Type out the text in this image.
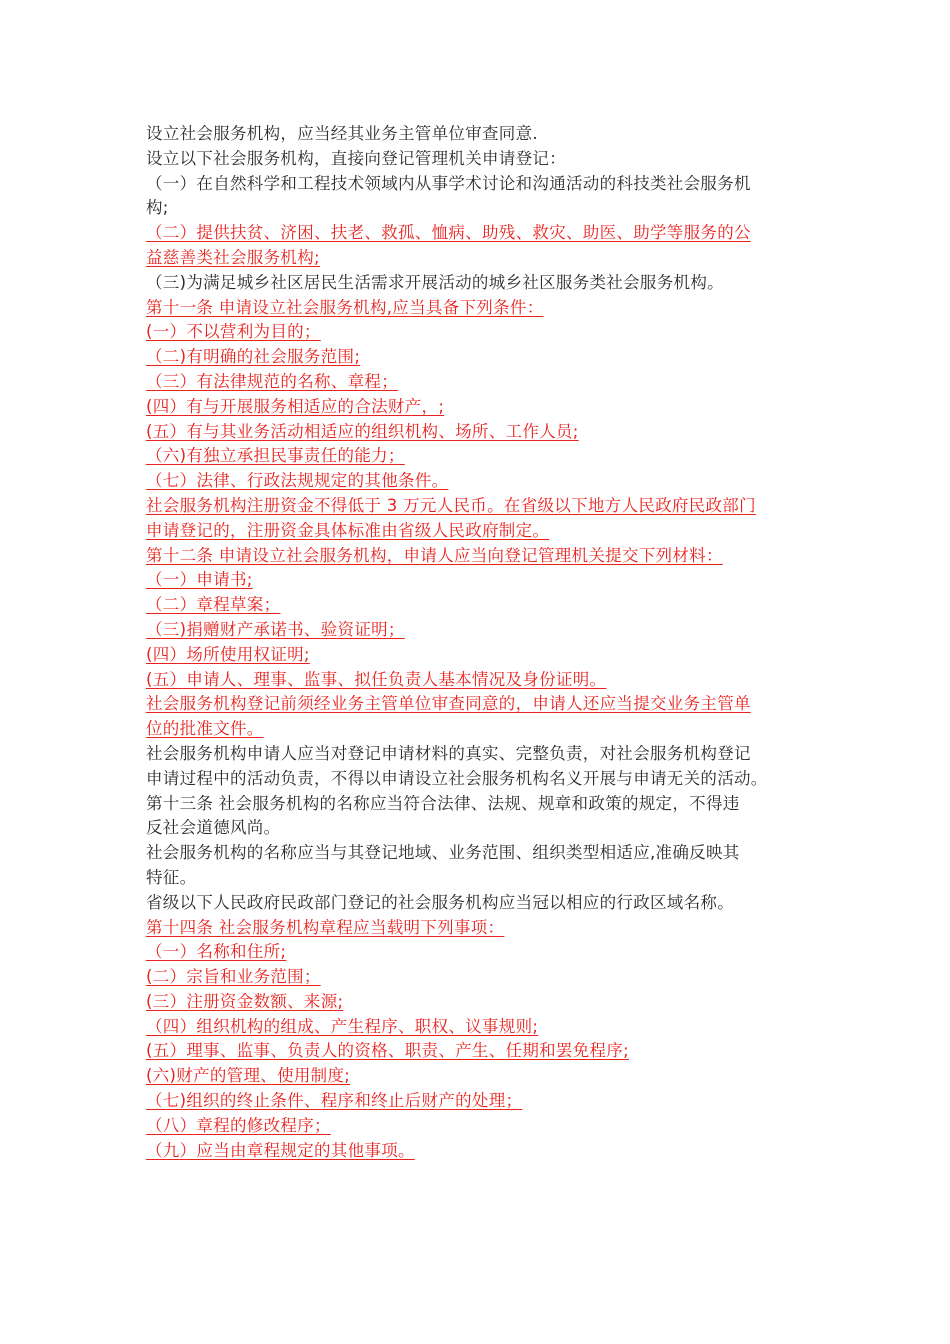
设立社会服务机构，应当经其业务主管单位审查同意.
设立以下社会服务机构，直接向登记管理机关申请登记：
（一）在自然科学和工程技术领域内从事学术讨论和沟通活动的科技类社会服务机
构;
（二）提供扶贫、济困、扶老、救孤、恤病、助残、救灾、助医、助学等服务的公
益慈善类社会服务机构;
（三)为满足城乡社区居民生活需求开展活动的城乡社区服务类社会服务机构。
第十一条 申请设立社会服务机构,应当具备下列条件：
(一）不以营利为目的；
（二)有明确的社会服务范围;
（三）有法律规范的名称、章程；
(四）有与开展服务相适应的合法财产，;
(五）有与其业务活动相适应的组织机构、场所、工作人员;
（六)有独立承担民事责任的能力；
（七）法律、行政法规规定的其他条件。
社会服务机构注册资金不得低于 3 万元人民币。在省级以下地方人民政府民政部门
申请登记的，注册资金具体标准由省级人民政府制定。
第十二条 申请设立社会服务机构，申请人应当向登记管理机关提交下列材料：
（一）申请书;
（二）章程草案；
（三)捐赠财产承诺书、验资证明；
(四）场所使用权证明;
(五）申请人、理事、监事、拟任负责人基本情况及身份证明。
社会服务机构登记前须经业务主管单位审查同意的，申请人还应当提交业务主管单
位的批准文件。
社会服务机构申请人应当对登记申请材料的真实、完整负责，对社会服务机构登记
申请过程中的活动负责，不得以申请设立社会服务机构名义开展与申请无关的活动。
第十三条 社会服务机构的名称应当符合法律、法规、规章和政策的规定，不得违
反社会道德风尚。
社会服务机构的名称应当与其登记地域、业务范围、组织类型相适应,准确反映其
特征。
省级以下人民政府民政部门登记的社会服务机构应当冠以相应的行政区域名称。
第十四条 社会服务机构章程应当载明下列事项：
（一）名称和住所;
(二）宗旨和业务范围；
(三）注册资金数额、来源;
（四）组织机构的组成、产生程序、职权、议事规则;
(五）理事、监事、负责人的资格、职责、产生、任期和罢免程序;
(六)财产的管理、使用制度;
（七)组织的终止条件、程序和终止后财产的处理；
（八）章程的修改程序；
（九）应当由章程规定的其他事项。
